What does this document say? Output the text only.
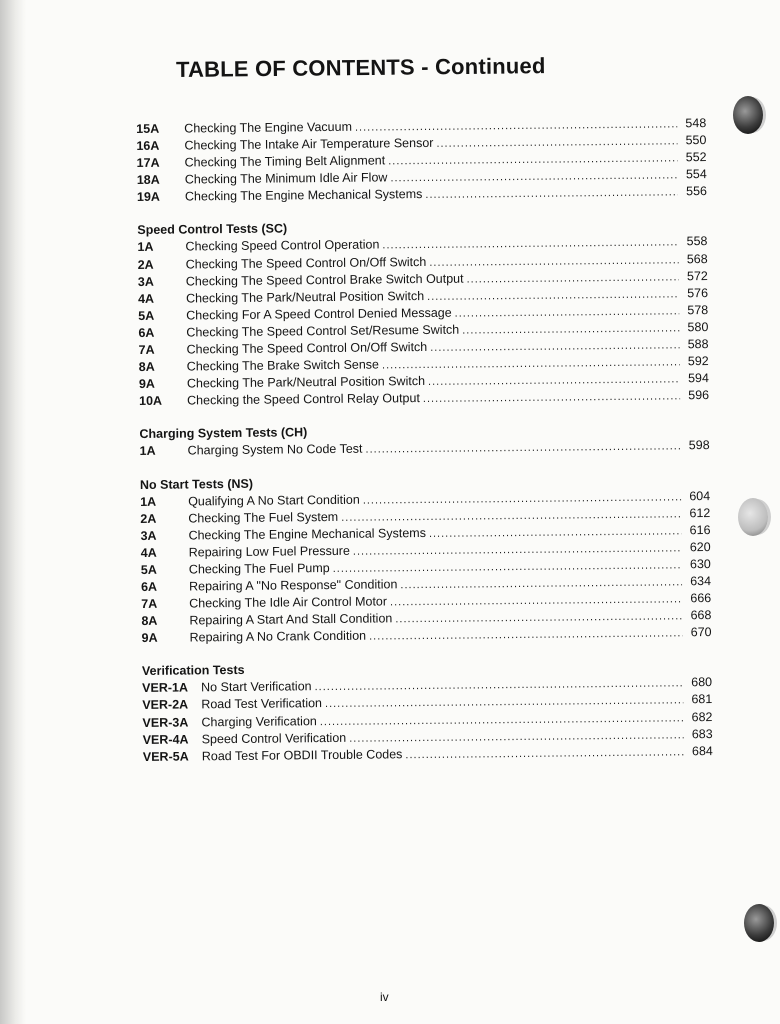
TABLE OF CONTENTS - Continued
15A	Checking The Engine Vacuum .....	548
16A	Checking The Intake Air Temperature Sensor .....	550
17A	Checking The Timing Belt Alignment .....	552
18A	Checking The Minimum Idle Air Flow .....	554
19A	Checking The Engine Mechanical Systems .....	556
Speed Control Tests (SC)
1A	Checking Speed Control Operation .....	558
2A	Checking The Speed Control On/Off Switch .....	568
3A	Checking The Speed Control Brake Switch Output .....	572
4A	Checking The Park/Neutral Position Switch .....	576
5A	Checking For A Speed Control Denied Message .....	578
6A	Checking The Speed Control Set/Resume Switch .....	580
7A	Checking The Speed Control On/Off Switch .....	588
8A	Checking The Brake Switch Sense .....	592
9A	Checking The Park/Neutral Position Switch .....	594
10A	Checking the Speed Control Relay Output .....	596
Charging System Tests (CH)
1A	Charging System No Code Test .....	598
No Start Tests (NS)
1A	Qualifying A No Start Condition .....	604
2A	Checking The Fuel System .....	612
3A	Checking The Engine Mechanical Systems .....	616
4A	Repairing Low Fuel Pressure .....	620
5A	Checking The Fuel Pump .....	630
6A	Repairing A "No Response" Condition .....	634
7A	Checking The Idle Air Control Motor .....	666
8A	Repairing A Start And Stall Condition .....	668
9A	Repairing A No Crank Condition .....	670
Verification Tests
VER-1A	No Start Verification .....	680
VER-2A	Road Test Verification .....	681
VER-3A	Charging Verification .....	682
VER-4A	Speed Control Verification .....	683
VER-5A	Road Test For OBDII Trouble Codes .....	684
iv
